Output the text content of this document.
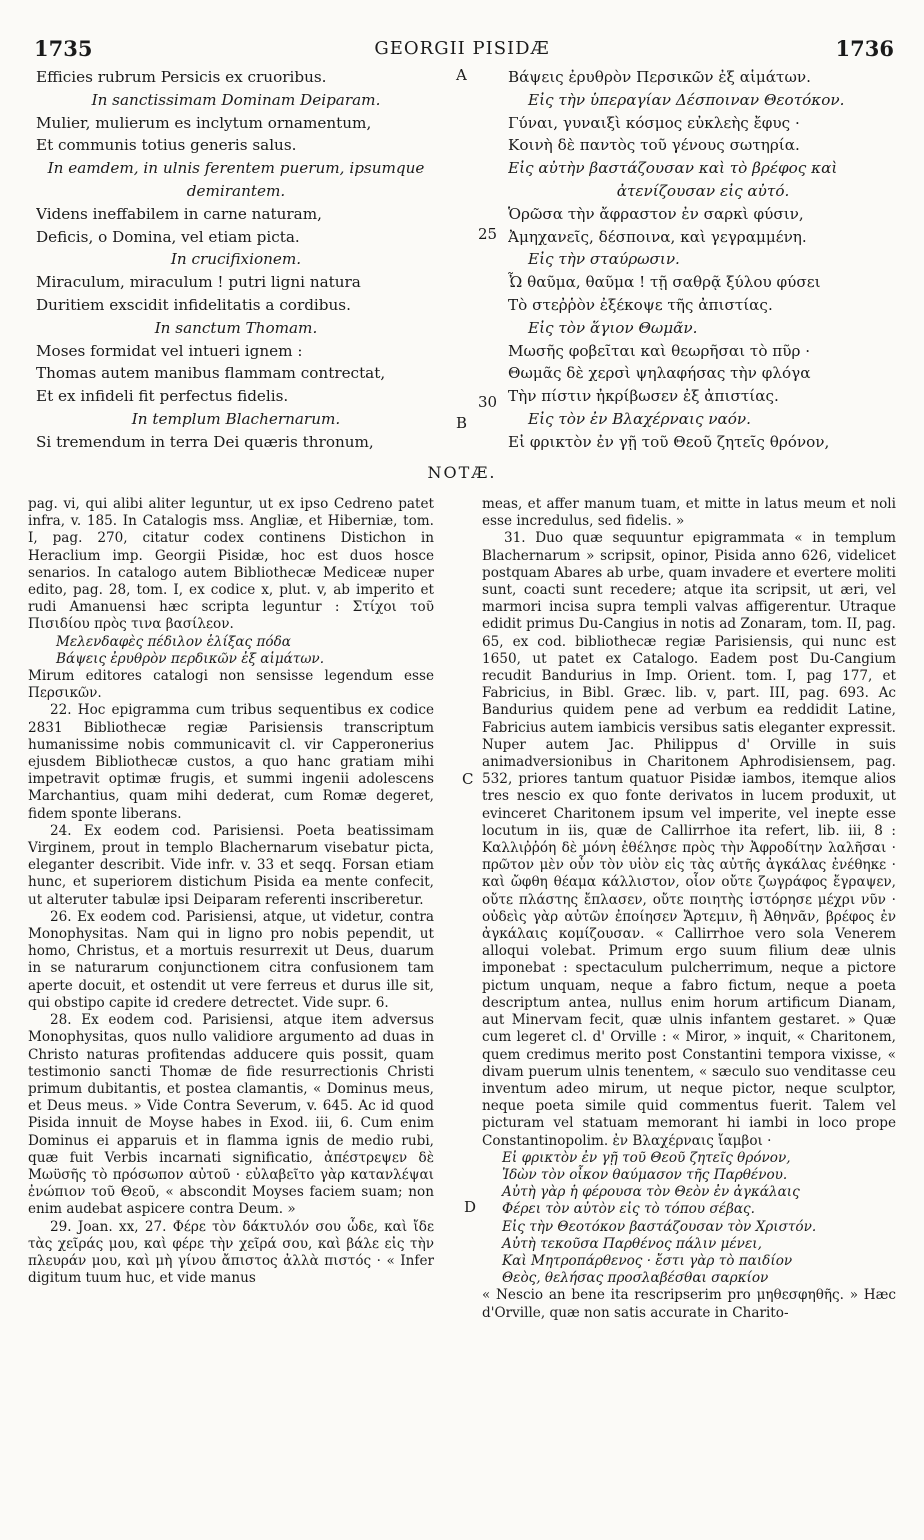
1735	GEORGII PISIDÆ	1736
Efficies rubrum Persicis ex cruoribus.
In sanctissimam Dominam Deiparam.
Mulier, mulierum es inclytum ornamentum,
Et communis totius generis salus.
In eamdem, in ulnis ferentem puerum, ipsumque
demirantem.
Videns ineffabilem in carne naturam,
Deficis, o Domina, vel etiam picta.
In crucifixionem.
Miraculum, miraculum ! putri ligni natura
Duritiem exscidit infidelitatis a cordibus.
In sanctum Thomam.
Moses formidat vel intueri ignem :
Thomas autem manibus flammam contrectat,
Et ex infideli fit perfectus fidelis.
In templum Blachernarum.
Si tremendum in terra Dei quæris thronum,
Βάψεις ἐρυθρὸν Περσικῶν ἐξ αἱμάτων.
Εἰς τὴν ὑπεραγίαν Δέσποιναν Θεοτόκον.
Γύναι, γυναιξὶ κόσμος εὐκλεὴς ἔφυς ·
Κοινὴ δὲ παντὸς τοῦ γένους σωτηρία.
Εἰς αὐτὴν βαστάζουσαν καὶ τὸ βρέφος καὶ
ἀτενίζουσαν εἰς αὐτό.
Ὁρῶσα τὴν ἄφραστον ἐν σαρκὶ φύσιν,
Ἀμηχανεῖς, δέσποινα, καὶ γεγραμμένη.
Εἰς τὴν σταύρωσιν.
Ὦ θαῦμα, θαῦμα ! τῇ σαθρᾷ ξύλου φύσει
Τὸ στεῤῥὸν ἐξέκοψε τῆς ἀπιστίας.
Εἰς τὸν ἅγιον Θωμᾶν.
Μωσῆς φοβεῖται καὶ θεωρῆσαι τὸ πῦρ ·
Θωμᾶς δὲ χερσὶ ψηλαφήσας τὴν φλόγα
Τὴν πίστιν ἠκρίβωσεν ἐξ ἀπιστίας.
Εἰς τὸν ἐν Βλαχέρναις ναόν.
Εἰ φρικτὸν ἐν γῇ τοῦ Θεοῦ ζητεῖς θρόνον,
A
25
30
B
C
D
NOTÆ.

pag. vi, qui alibi aliter leguntur, ut ex ipso Cedreno patet infra, v. 185. In Catalogis mss. Angliæ, et Hiberniæ, tom. I, pag. 270, citatur codex continens Distichon in Heraclium imp. Georgii Pisidæ, hoc est duos hosce senarios. In catalogo autem Bibliothecæ Mediceæ nuper edito, pag. 28, tom. I, ex codice x, plut. v, ab imperito et rudi Amanuensi hæc scripta leguntur : Στίχοι τοῦ Πισιδίου πρὸς τινα βασίλεον.

Μελενδαφὲς πέδιλον ἑλίξας πόδα

Βάψεις ἐρυθρὸν περδικῶν ἐξ αἱμάτων.

Mirum editores catalogi non sensisse legendum esse Περσικῶν.

22. Hoc epigramma cum tribus sequentibus ex codice 2831 Bibliothecæ regiæ Parisiensis transcriptum humanissime nobis communicavit cl. vir Capperonerius ejusdem Bibliothecæ custos, a quo hanc gratiam mihi impetravit optimæ frugis, et summi ingenii adolescens Marchantius, quam mihi dederat, cum Romæ degeret, fidem sponte liberans.

24. Ex eodem cod. Parisiensi. Poeta beatissimam Virginem, prout in templo Blachernarum visebatur picta, eleganter describit. Vide infr. v. 33 et seqq. Forsan etiam hunc, et superiorem distichum Pisida ea mente confecit, ut alteruter tabulæ ipsi Deiparam referenti inscriberetur.

26. Ex eodem cod. Parisiensi, atque, ut videtur, contra Monophysitas. Nam qui in ligno pro nobis pependit, ut homo, Christus, et a mortuis resurrexit ut Deus, duarum in se naturarum conjunctionem citra confusionem tam aperte docuit, et ostendit ut vere ferreus et durus ille sit, qui obstipo capite id credere detrectet. Vide supr. 6.

28. Ex eodem cod. Parisiensi, atque item adversus Monophysitas, quos nullo validiore argumento ad duas in Christo naturas profitendas adducere quis possit, quam testimonio sancti Thomæ de fide resurrectionis Christi primum dubitantis, et postea clamantis, « Dominus meus, et Deus meus. » Vide Contra Severum, v. 645. Ac id quod Pisida innuit de Moyse habes in Exod. iii, 6. Cum enim Dominus ei apparuis et in flamma ignis de medio rubi, quæ fuit Verbis incarnati significatio, ἀπέστρεψεν δὲ Μωϋσῆς τὸ πρόσωπον αὐτοῦ · εὐλαβεῖτο γὰρ κατανλέψαι ἐνώπιον τοῦ Θεοῦ, « abscondit Moyses faciem suam; non enim audebat aspicere contra Deum. »

29. Joan. xx, 27. Φέρε τὸν δάκτυλόν σου ὧδε, καὶ ἴδε τὰς χεῖράς μου, καὶ φέρε τὴν χεῖρά σου, καὶ βάλε εἰς τὴν πλευράν μου, καὶ μὴ γίνου ἄπιστος ἀλλὰ πιστός · « Infer digitum tuum huc, et vide manus

meas, et affer manum tuam, et mitte in latus meum et noli esse incredulus, sed fidelis. »

31. Duo quæ sequuntur epigrammata « in templum Blachernarum » scripsit, opinor, Pisida anno 626, videlicet postquam Abares ab urbe, quam invadere et evertere moliti sunt, coacti sunt recedere; atque ita scripsit, ut æri, vel marmori incisa supra templi valvas affigerentur. Utraque edidit primus Du-Cangius in notis ad Zonaram, tom. II, pag. 65, ex cod. bibliothecæ regiæ Parisiensis, qui nunc est 1650, ut patet ex Catalogo. Eadem post Du-Cangium recudit Bandurius in Imp. Orient. tom. I, pag 177, et Fabricius, in Bibl. Græc. lib. v, part. III, pag. 693. Ac Bandurius quidem pene ad verbum ea reddidit Latine, Fabricius autem iambicis versibus satis eleganter expressit. Nuper autem Jac. Philippus d' Orville in suis animadversionibus in Charitonem Aphrodisiensem, pag. 532, priores tantum quatuor Pisidæ iambos, itemque alios tres nescio ex quo fonte derivatos in lucem produxit, ut evinceret Charitonem ipsum vel imperite, vel inepte esse locutum in iis, quæ de Callirrhoe ita refert, lib. iii, 8 : Καλλιῤῥόη δὲ μόνη ἐθέλησε πρὸς τὴν Ἀφροδίτην λαλῆσαι · πρῶτον μὲν οὖν τὸν υἱὸν εἰς τὰς αὐτῆς ἀγκάλας ἐνέθηκε · καὶ ὤφθη θέαμα κάλλιστον, οἷον οὔτε ζωγράφος ἔγραψεν, οὔτε πλάστης ἔπλασεν, οὔτε ποιητὴς ἱστόρησε μέχρι νῦν · οὐδεὶς γὰρ αὐτῶν ἐποίησεν Ἄρτεμιν, ἢ Ἀθηνᾶν, βρέφος ἐν ἀγκάλαις κομίζουσαν. « Callirrhoe vero sola Venerem alloqui volebat. Primum ergo suum filium deæ ulnis imponebat : spectaculum pulcherrimum, neque a pictore pictum unquam, neque a fabro fictum, neque a poeta descriptum antea, nullus enim horum artificum Dianam, aut Minervam fecit, quæ ulnis infantem gestaret. » Quæ cum legeret cl. d' Orville : « Miror, » inquit, « Charitonem, quem credimus merito post Constantini tempora vixisse, « divam puerum ulnis tenentem, « sæculo suo venditasse ceu inventum adeo mirum, ut neque pictor, neque sculptor, neque poeta simile quid commentus fuerit. Talem vel picturam vel statuam memorant hi iambi in loco prope Constantinopolim. ἐν Βλαχέρναις ἴαμβοι ·

Εἰ φρικτὸν ἐν γῇ τοῦ Θεοῦ ζητεῖς θρόνον,

Ἰδὼν τὸν οἶκον θαύμασον τῆς Παρθένου.

Αὐτὴ γὰρ ἡ φέρουσα τὸν Θεὸν ἐν ἀγκάλαις

Φέρει τὸν αὐτὸν εἰς τὸ τόπου σέβας.

Εἰς τὴν Θεοτόκον βαστάζουσαν τὸν Χριστόν.

Αὐτὴ τεκοῦσα Παρθένος πάλιν μένει,

Καὶ Μητροπάρθενος · ἔστι γὰρ τὸ παιδίον

Θεὸς, θελήσας προσλαβέσθαι σαρκίον

« Nescio an bene ita rescripserim pro μηθεσφηθῆς. » Hæc d'Orville, quæ non satis accurate in Charito-
